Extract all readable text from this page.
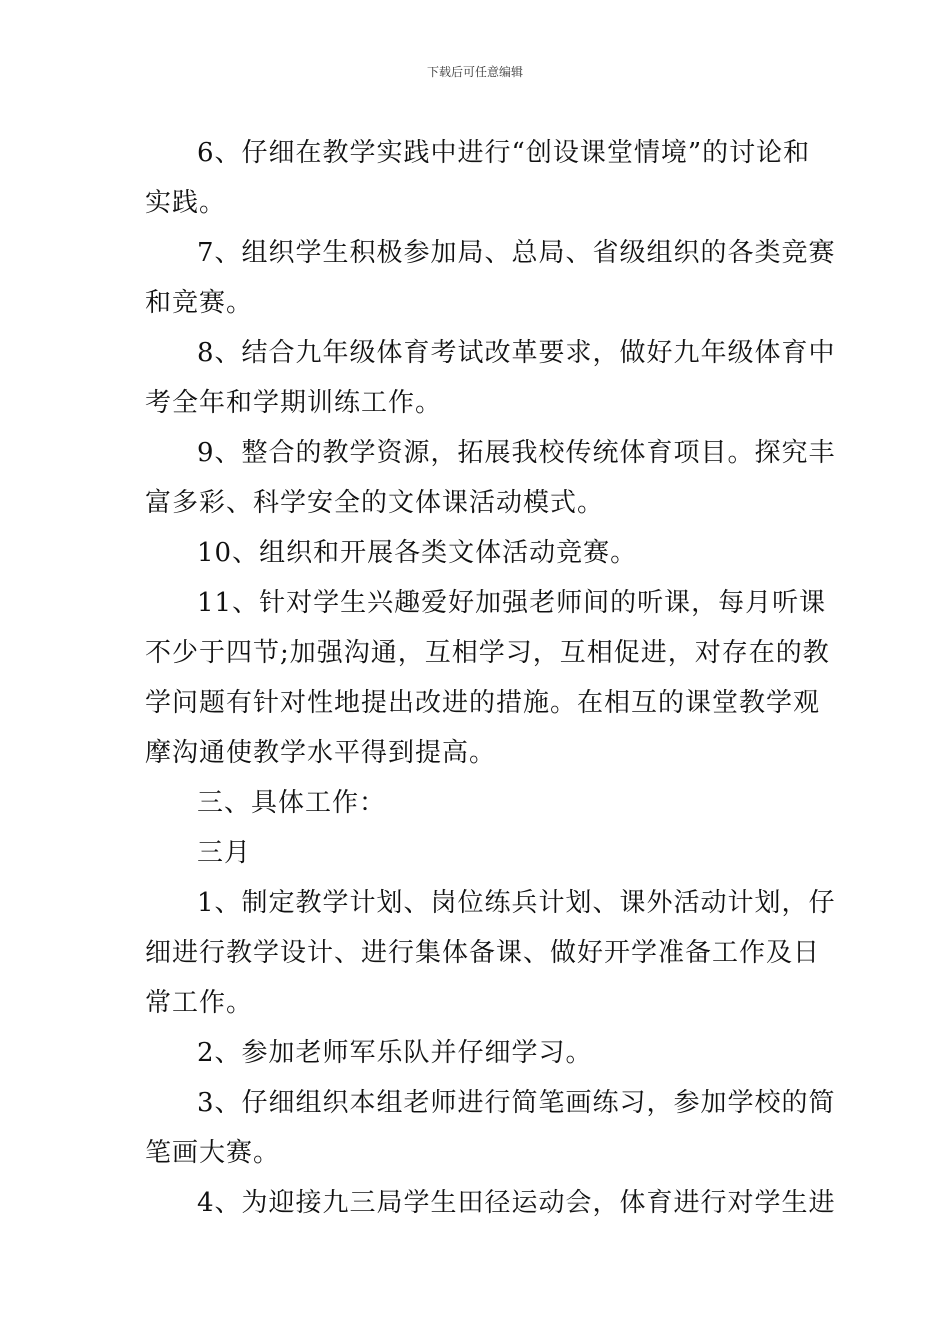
下载后可任意编辑

6、仔细在教学实践中进行“创设课堂情境”的讨论和
实践。

7、组织学生积极参加局、总局、省级组织的各类竞赛
和竞赛。

8、结合九年级体育考试改革要求，做好九年级体育中
考全年和学期训练工作。

9、整合的教学资源，拓展我校传统体育项目。探究丰
富多彩、科学安全的文体课活动模式。

10、组织和开展各类文体活动竞赛。

11、针对学生兴趣爱好加强老师间的听课，每月听课
不少于四节;加强沟通，互相学习，互相促进，对存在的教
学问题有针对性地提出改进的措施。在相互的课堂教学观
摩沟通使教学水平得到提高。

三、具体工作：

三月

1、制定教学计划、岗位练兵计划、课外活动计划，仔
细进行教学设计、进行集体备课、做好开学准备工作及日
常工作。

2、参加老师军乐队并仔细学习。

3、仔细组织本组老师进行简笔画练习，参加学校的简
笔画大赛。

4、为迎接九三局学生田径运动会，体育进行对学生进
